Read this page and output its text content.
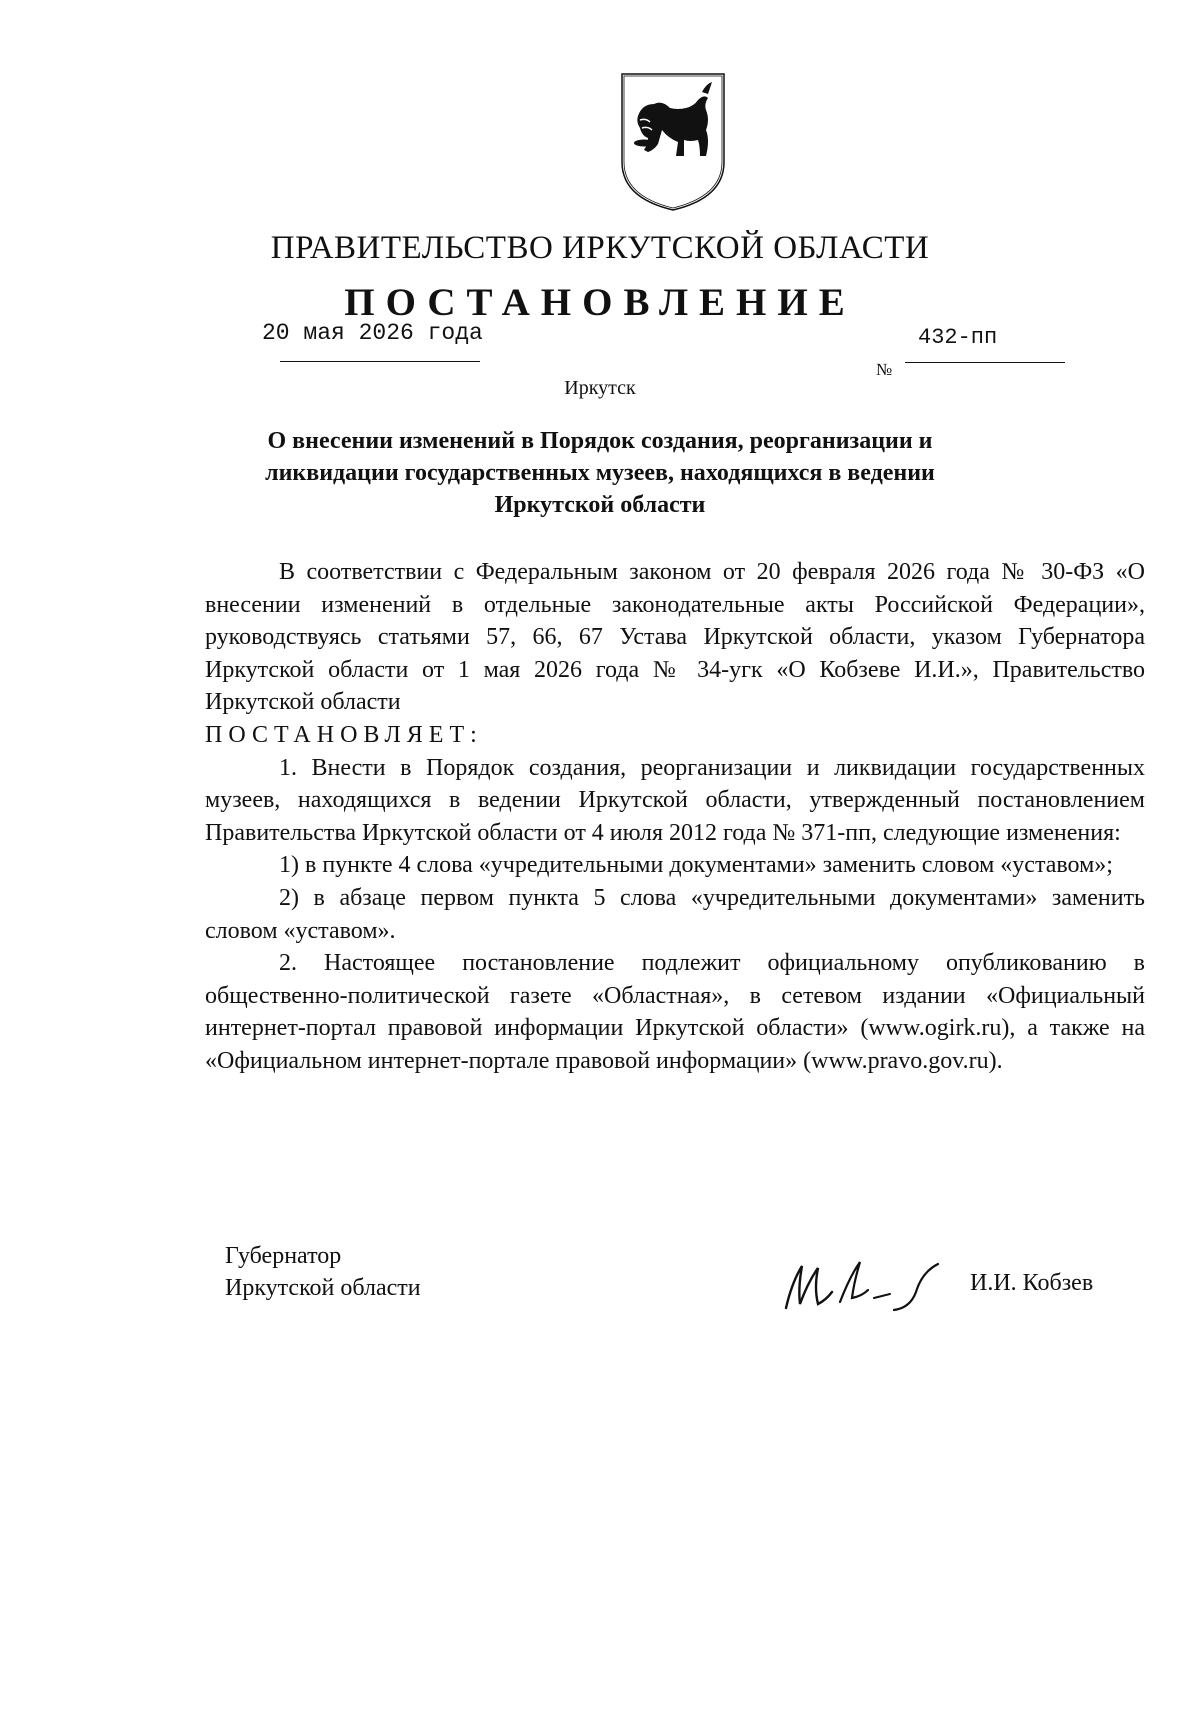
ПРАВИТЕЛЬСТВО ИРКУТСКОЙ ОБЛАСТИ
ПОСТАНОВЛЕНИЕ
20 мая 2026 года
№
432-пп
Иркутск
О внесении изменений в Порядок создания, реорганизации и
ликвидации государственных музеев, находящихся в ведении
Иркутской области

В соответствии с Федеральным законом от 20 февраля 2026 года № 30-ФЗ «О внесении изменений в отдельные законодательные акты Российской Федерации», руководствуясь статьями 57, 66, 67 Устава Иркутской области, указом Губернатора Иркутской области от 1 мая 2026 года № 34-угк «О Кобзеве И.И.», Правительство Иркутской области

ПОСТАНОВЛЯЕТ:

1. Внести в Порядок создания, реорганизации и ликвидации государственных музеев, находящихся в ведении Иркутской области, утвержденный постановлением Правительства Иркутской области от 4 июля 2012 года № 371-пп, следующие изменения:

1) в пункте 4 слова «учредительными документами» заменить словом «уставом»;

2) в абзаце первом пункта 5 слова «учредительными документами» заменить словом «уставом».

2. Настоящее постановление подлежит официальному опубликованию в общественно-политической газете «Областная», в сетевом издании «Официальный интернет-портал правовой информации Иркутской области» (www.ogirk.ru), а также на «Официальном интернет-портале правовой информации» (www.pravo.gov.ru).

Губернатор
Иркутской области	И.И. Кобзев
